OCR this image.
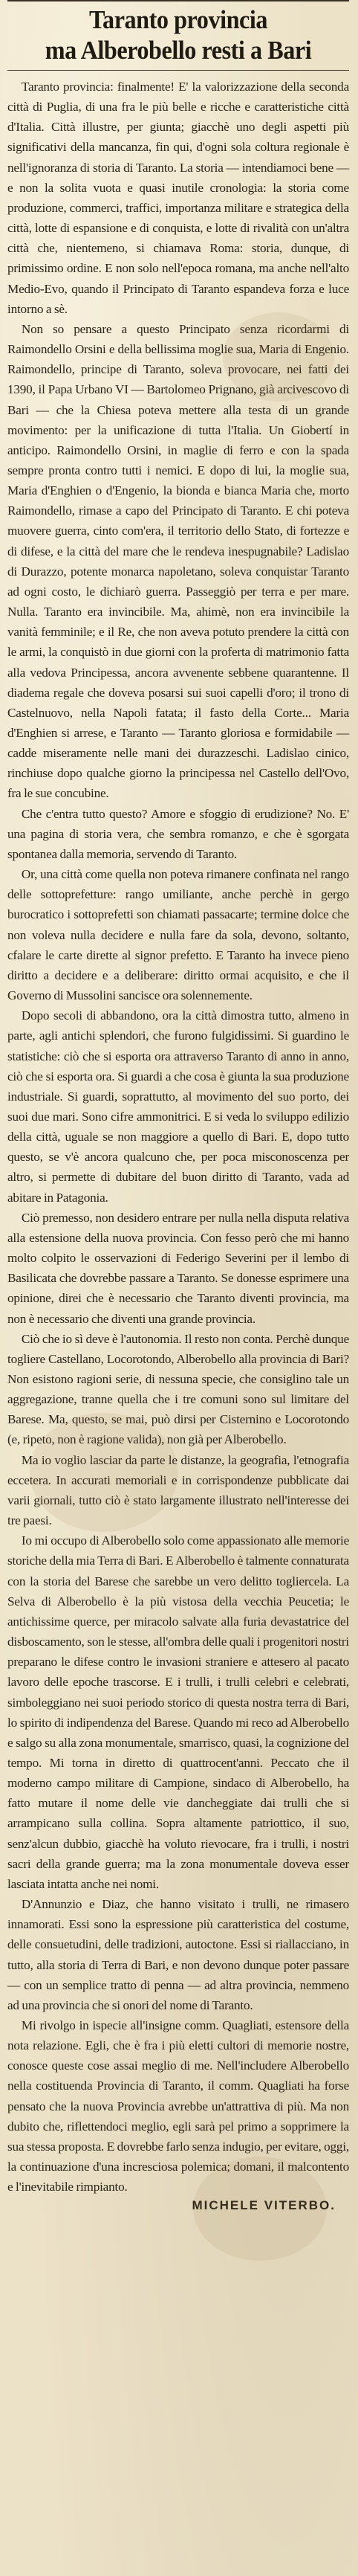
Taranto provincia
ma Alberobello resti a Bari

Taranto provincia: finalmente! E' la valorizzazione della seconda città di Puglia, di una fra le più belle e ricche e caratteristiche città d'Italia. Città illustre, per giunta; giacchè uno degli aspetti più significativi della mancanza, fin qui, d'ogni sola coltura regionale è nell'ignoranza di storia di Taranto. La storia — intendiamoci bene — e non la solita vuota e quasi inutile cronologia: la storia come produzione, commerci, traffici, importanza militare e strategica della città, lotte di espansione e di conquista, e lotte di rivalità con un'altra città che, nientemeno, si chiamava Roma: storia, dunque, di primissimo ordine. E non solo nell'epoca romana, ma anche nell'alto Medio-Evo, quando il Principato di Taranto espandeva forza e luce intorno a sè.

Non so pensare a questo Principato senza ricordarmi di Raimondello Orsini e della bellissima moglie sua, Maria di Engenio. Raimondello, principe di Taranto, soleva provocare, nei fatti dei 1390, il Papa Urbano VI — Bartolomeo Prignano, già arcivescovo di Bari — che la Chiesa poteva mettere alla testa di un grande movimento: per la unificazione di tutta l'Italia. Un Giobertí in anticipo. Raimondello Orsini, in maglie di ferro e con la spada sempre pronta contro tutti i nemici. E dopo di lui, la moglie sua, Maria d'Enghien o d'Engenio, la bionda e bianca Maria che, morto Raimondello, rimase a capo del Principato di Taranto. E chi poteva muovere guerra, cinto com'era, il territorio dello Stato, di fortezze e di difese, e la città del mare che le rendeva inespugnabile? Ladislao di Durazzo, potente monarca napoletano, soleva conquistar Taranto ad ogni costo, le dichiarò guerra. Passeggiò per terra e per mare. Nulla. Taranto era invincibile. Ma, ahimè, non era invincibile la vanità femminile; e il Re, che non aveva potuto prendere la città con le armi, la conquistò in due giorni con la proferta di matrimonio fatta alla vedova Principessa, ancora avvenente sebbene quarantenne. Il diadema regale che doveva posarsi sui suoi capelli d'oro; il trono di Castelnuovo, nella Napoli fatata; il fasto della Corte... Maria d'Enghien si arrese, e Taranto — Taranto gloriosa e formidabile — cadde miseramente nelle mani dei durazzeschi. Ladislao cinico, rinchiuse dopo qualche giorno la principessa nel Castello dell'Ovo, fra le sue concubine.

Che c'entra tutto questo? Amore e sfoggio di erudizione? No. E' una pagina di storia vera, che sembra romanzo, e che è sgorgata spontanea dalla memoria, servendo di Taranto.

Or, una città come quella non poteva rimanere confinata nel rango delle sottoprefetture: rango umiliante, anche perchè in gergo burocratico i sottoprefetti son chiamati passacarte; termine dolce che non voleva nulla decidere e nulla fare da sola, devono, soltanto, cfalare le carte dirette al signor prefetto. E Taranto ha invece pieno diritto a decidere e a deliberare: diritto ormai acquisito, e che il Governo di Mussolini sancisce ora solennemente.

Dopo secoli di abbandono, ora la città dimostra tutto, almeno in parte, agli antichi splendori, che furono fulgidissimi. Si guardino le statistiche: ciò che si esporta ora attraverso Taranto di anno in anno, ciò che si esporta ora. Si guardi a che cosa è giunta la sua produzione industriale. Si guardi, soprattutto, al movimento del suo porto, dei suoi due mari. Sono cifre ammonitrici. E si veda lo sviluppo edilizio della città, uguale se non maggiore a quello di Bari. E, dopo tutto questo, se v'è ancora qualcuno che, per poca misconoscenza per altro, si permette di dubitare del buon diritto di Taranto, vada ad abitare in Patagonia.

Ciò premesso, non desidero entrare per nulla nella disputa relativa alla estensione della nuova provincia. Con fesso però che mi hanno molto colpito le osservazioni di Federigo Severini per il lembo di Basilicata che dovrebbe passare a Taranto. Se donesse esprimere una opinione, direi che è necessario che Taranto diventi provincia, ma non è necessario che diventi una grande provincia.

Ciò che io sì deve è l'autonomia. Il resto non conta. Perchè dunque togliere Castellano, Locorotondo, Alberobello alla provincia di Bari? Non esistono ragioni serie, di nessuna specie, che consiglino tale un aggregazione, tranne quella che i tre comuni sono sul limitare del Barese. Ma, questo, se mai, può dirsi per Cisternino e Locorotondo (e, ripeto, non è ragione valida), non già per Alberobello.

Ma io voglio lasciar da parte le distanze, la geografia, l'etnografia eccetera. In accurati memoriali e in corrispondenze pubblicate dai varii giornali, tutto ciò è stato largamente illustrato nell'interesse dei tre paesi.

Io mi occupo di Alberobello solo come appassionato alle memorie storiche della mia Terra di Bari. E Alberobello è talmente connaturata con la storia del Barese che sarebbe un vero delitto togliercela. La Selva di Alberobello è la più vistosa della vecchia Peucetia; le antichissime querce, per miracolo salvate alla furia devastatrice del disboscamento, son le stesse, all'ombra delle quali i progenitori nostri preparano le difese contro le invasioni straniere e attesero al pacato lavoro delle epoche trascorse. E i trulli, i trulli celebri e celebrati, simboleggiano nei suoi periodo storico di questa nostra terra di Bari, lo spirito di indipendenza del Barese. Quando mi reco ad Alberobello e salgo su alla zona monumentale, smarrisco, quasi, la cognizione del tempo. Mi torna in diretto di quattrocent'anni. Peccato che il moderno campo militare di Campione, sindaco di Alberobello, ha fatto mutare il nome delle vie dancheggiate dai trulli che si arrampicano sulla collina. Sopra altamente patriottico, il suo, senz'alcun dubbio, giacchè ha voluto rievocare, fra i trulli, i nostri sacri della grande guerra; ma la zona monumentale doveva esser lasciata intatta anche nei nomi.

D'Annunzio e Diaz, che hanno visitato i trulli, ne rimasero innamorati. Essi sono la espressione più caratteristica del costume, delle consuetudini, delle tradizioni, autoctone. Essi si riallacciano, in tutto, alla storia di Terra di Bari, e non devono dunque poter passare — con un semplice tratto di penna — ad altra provincia, nemmeno ad una provincia che si onori del nome di Taranto.

Mi rivolgo in ispecie all'insigne comm. Quagliati, estensore della nota relazione. Egli, che è fra i più eletti cultori di memorie nostre, conosce queste cose assai meglio di me. Nell'includere Alberobello nella costituenda Provincia di Taranto, il comm. Quagliati ha forse pensato che la nuova Provincia avrebbe un'attrattiva di più. Ma non dubito che, riflettendoci meglio, egli sarà pel primo a sopprimere la sua stessa proposta. E dovrebbe farlo senza indugio, per evitare, oggi, la continuazione d'una incresciosa polemica; domani, il malcontento e l'inevitabile rimpianto.

MICHELE VITERBO.
